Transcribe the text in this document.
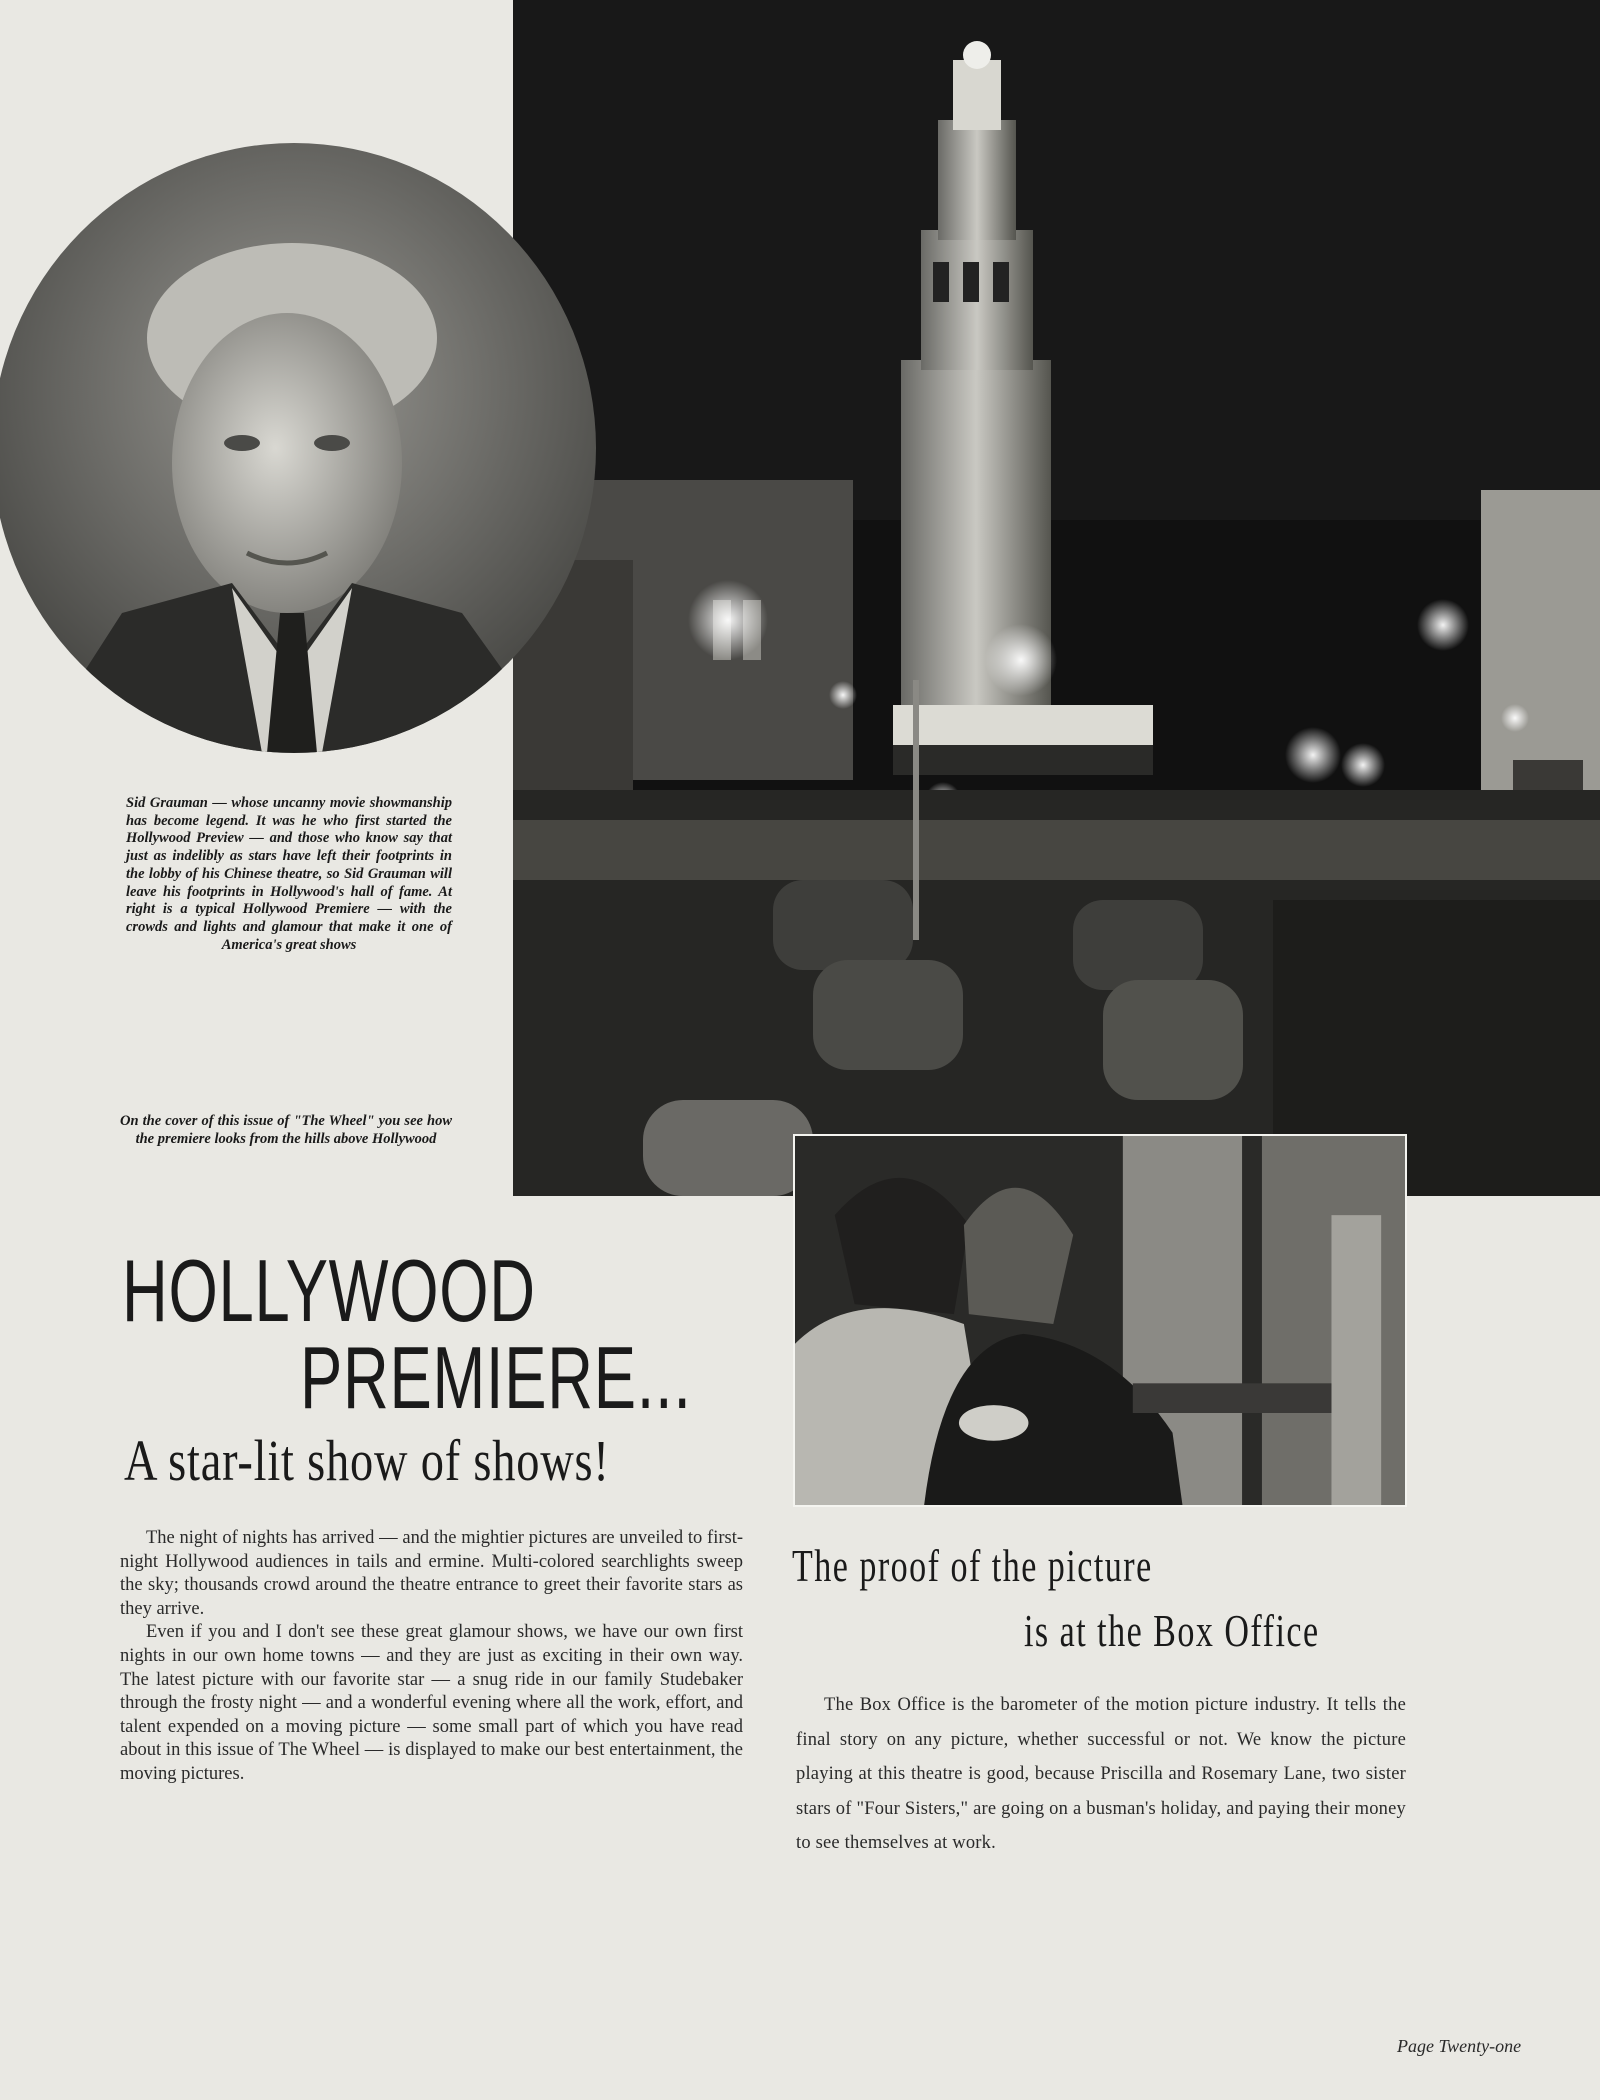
Sid Grauman — whose uncanny movie showmanship has become legend. It was he who first started the Hollywood Preview — and those who know say that just as indelibly as stars have left their footprints in the lobby of his Chinese theatre, so Sid Grauman will leave his footprints in Hollywood's hall of fame. At right is a typical Hollywood Premiere — with the crowds and lights and glamour that make it one of America's great shows
On the cover of this issue of "The Wheel" you see how the premiere looks from the hills above Hollywood
HOLLYWOOD
PREMIERE...
A star-lit show of shows!

The night of nights has arrived — and the mightier pictures are unveiled to first-night Hollywood audiences in tails and ermine. Multi-colored searchlights sweep the sky; thousands crowd around the theatre entrance to greet their favorite stars as they arrive.

Even if you and I don't see these great glamour shows, we have our own first nights in our own home towns — and they are just as exciting in their own way. The latest picture with our favorite star — a snug ride in our family Studebaker through the frosty night — and a wonderful evening where all the work, effort, and talent expended on a moving picture — some small part of which you have read about in this issue of The Wheel — is displayed to make our best entertainment, the moving pictures.

The proof of the picture
is at the Box Office

The Box Office is the barometer of the motion picture industry. It tells the final story on any picture, whether successful or not. We know the picture playing at this theatre is good, because Priscilla and Rosemary Lane, two sister stars of "Four Sisters," are going on a busman's holiday, and paying their money to see themselves at work.

Page Twenty-one
